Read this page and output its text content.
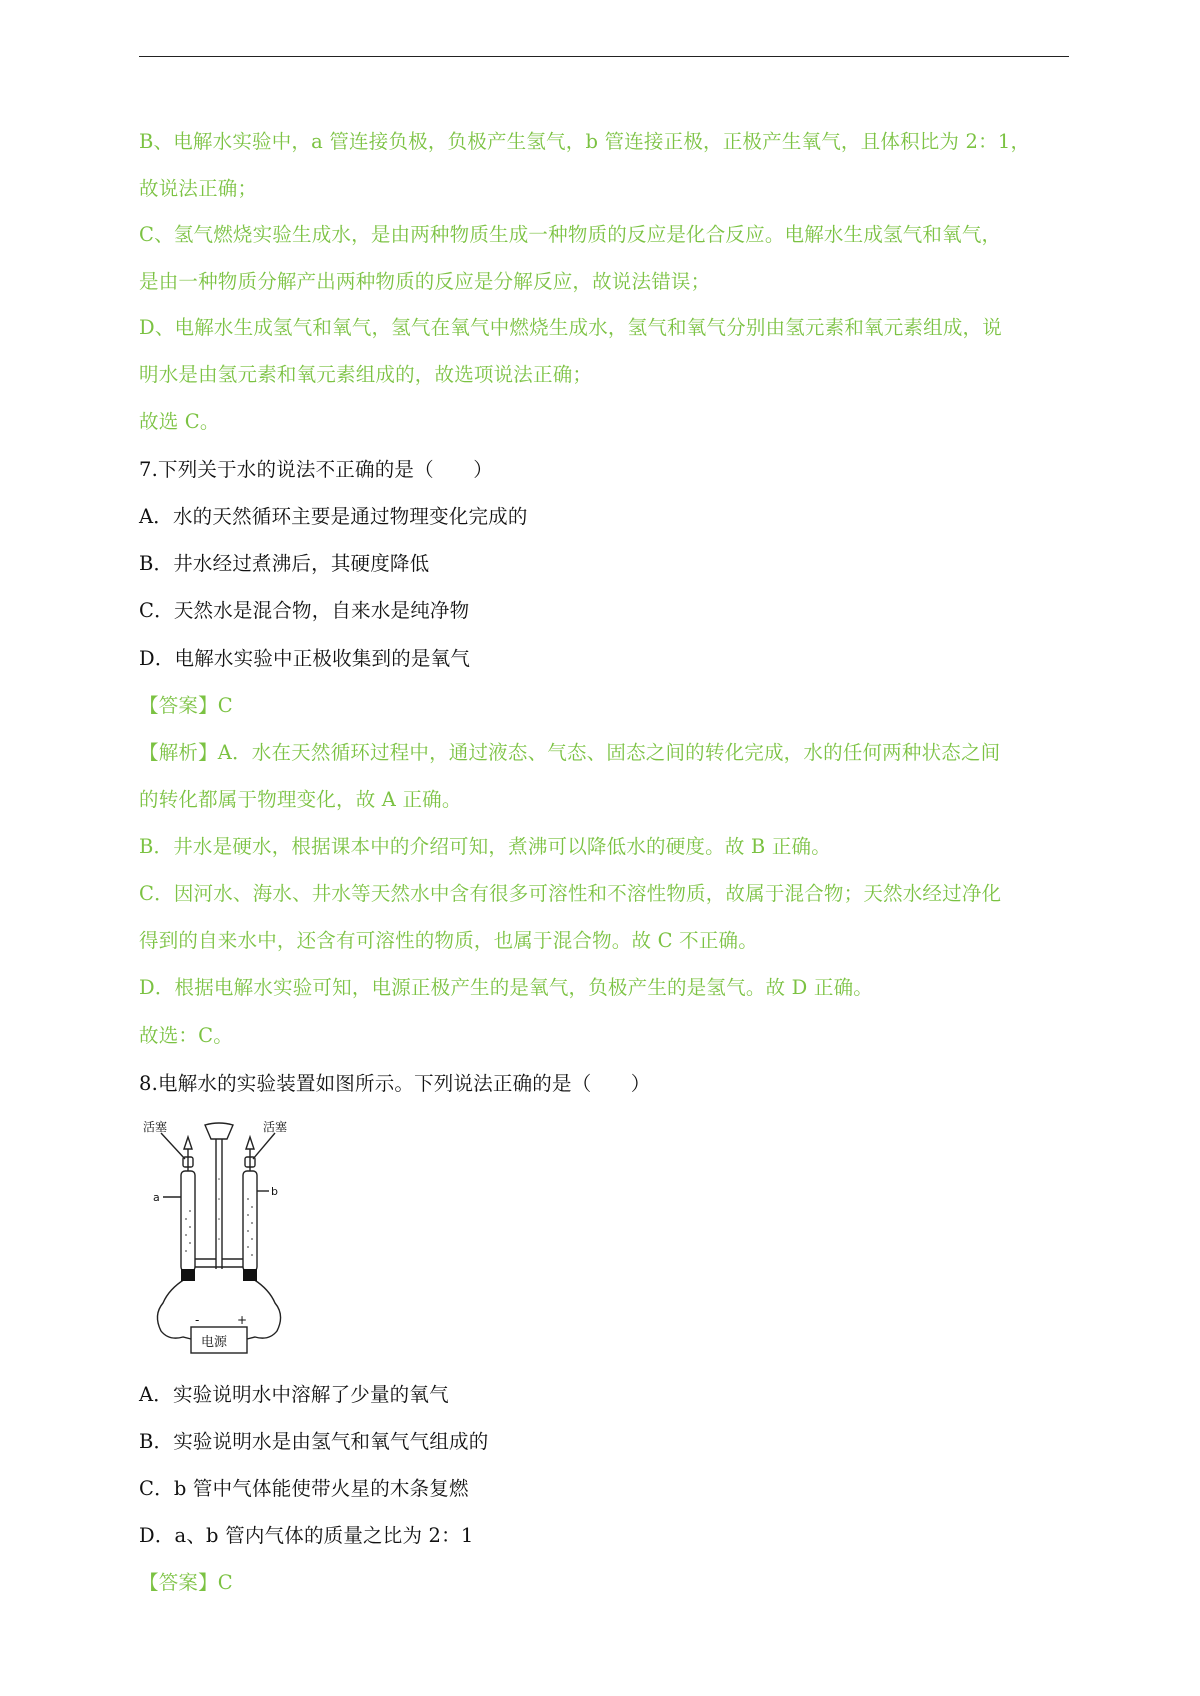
B、电解水实验中，a 管连接负极，负极产生氢气，b 管连接正极，正极产生氧气，且体积比为 2：1，
故说法正确；
C、氢气燃烧实验生成水，是由两种物质生成一种物质的反应是化合反应。电解水生成氢气和氧气，
是由一种物质分解产出两种物质的反应是分解反应，故说法错误；
D、电解水生成氢气和氧气，氢气在氧气中燃烧生成水，氢气和氧气分别由氢元素和氧元素组成，说
明水是由氢元素和氧元素组成的，故选项说法正确；
故选 C。
7.下列关于水的说法不正确的是（　　）
A．水的天然循环主要是通过物理变化完成的
B．井水经过煮沸后，其硬度降低
C．天然水是混合物，自来水是纯净物
D．电解水实验中正极收集到的是氧气
【答案】C
【解析】A．水在天然循环过程中，通过液态、气态、固态之间的转化完成，水的任何两种状态之间
的转化都属于物理变化，故 A 正确。
B．井水是硬水，根据课本中的介绍可知，煮沸可以降低水的硬度。故 B 正确。
C．因河水、海水、井水等天然水中含有很多可溶性和不溶性物质，故属于混合物；天然水经过净化
得到的自来水中，还含有可溶性的物质，也属于混合物。故 C 不正确。
D．根据电解水实验可知，电源正极产生的是氧气，负极产生的是氢气。故 D 正确。
故选：C。
8.电解水的实验装置如图所示。下列说法正确的是（　　）
活塞	活塞
a	b
-	+
电源
A．实验说明水中溶解了少量的氧气
B．实验说明水是由氢气和氧气气组成的
C．b 管中气体能使带火星的木条复燃
D．a、b 管内气体的质量之比为 2：1
【答案】C
